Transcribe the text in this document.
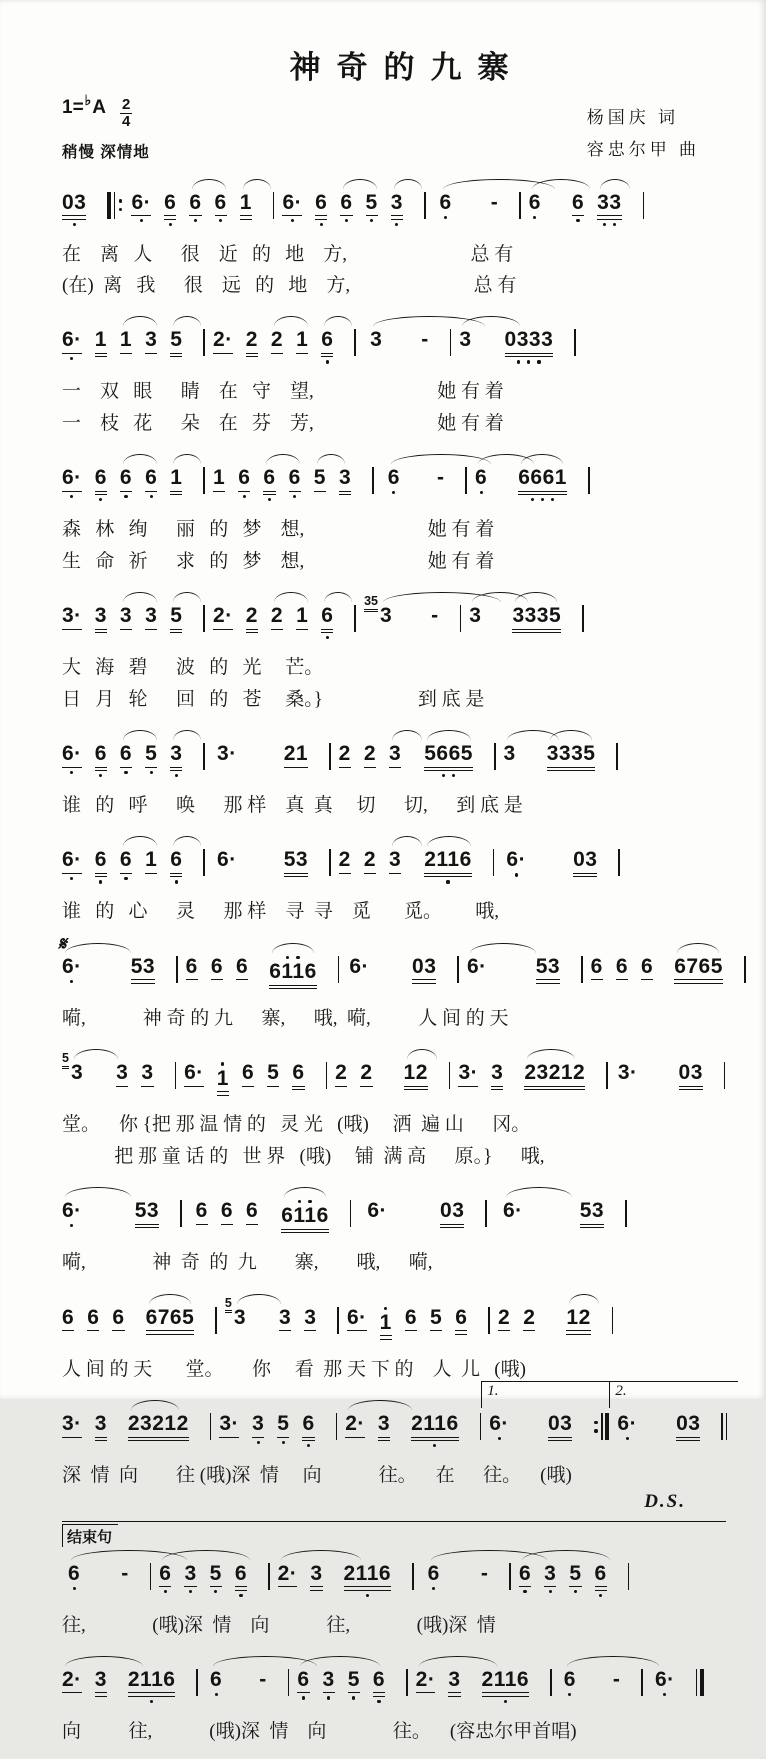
神奇的九寨
杨国庆 词
容忠尔甲 曲
1= ♭ A 2
4
稍慢 深情地
03 6· 6 6 6 1 6· 6 6 5 3 6 - 6 6 33
在    离   人      很    近   的   地    方,                          总 有
(在)  离   我      很    远   的   地    方,                          总 有
6· 1 1 3 5 2· 2 2 1 6 3 - 3 0333
一    双   眼      睛    在   守    望,                          她 有 着
一    枝   花      朵    在   芬    芳,                          她 有 着
6· 6 6 6 1 1 6 6 6 5 3 6 - 6 6661
森   林   绚      丽   的   梦    想,                          她 有 着
生   命   祈      求   的   梦    想,                          她 有 着
3· 3 3 3 5 2· 2 2 1 6
35
3 - 3 3335
大   海   碧      波   的   光     芒。
日   月   轮      回   的   苍     桑。}                    到 底 是
6· 6 6 5 3 3· 21 2 2 3 5665 3 3335
谁   的   呼      唤      那 样    真  真     切      切,      到 底 是
6· 6 6 1 6 6· 53 2 2 3 2116 6· 03
谁   的   心      灵      那 样    寻  寻    觅       觅。       哦,
𝄋
6· 53 6 6 6 6116 6· 03 6· 53 6 6 6 6765
嗬,            神 奇 的 九      寨,      哦,  嗬,          人 间 的 天
5
3 3 3 6· 1 6 5 6 2 2 12 3· 3 23212 3· 03
堂。    你 {把 那 温 情 的   灵 光   (哦)     洒  遍 山      冈。
把 那 童 话 的   世 界   (哦)     铺  满 高      原。}      哦,
6·	53 6 6 6 6116 6·	03 6·	53
嗬,              神  奇  的  九        寨,        哦,      嗬,
6 6 6 6765
5
3 3 3 6· 1 6 5 6 2 2 12
人 间 的 天       堂。      你     看  那 天 下 的    人  儿   (哦)
3· 3 23212 3· 3 5 6 2· 3 2116
1.
6· 03
2.
6· 03
深  情  向        往 (哦)深  情     向            往。    在      往。    (哦)
D.S.
结束句
6 - 6 3 5 6 2· 3 2116 6 - 6 3 5 6
往,              (哦)深  情    向            往,              (哦)深  情
2· 3 2116 6 - 6 3 5 6 2· 3 2116 6 - 6·
向          往,            (哦)深  情    向              往。    (容忠尔甲首唱)
